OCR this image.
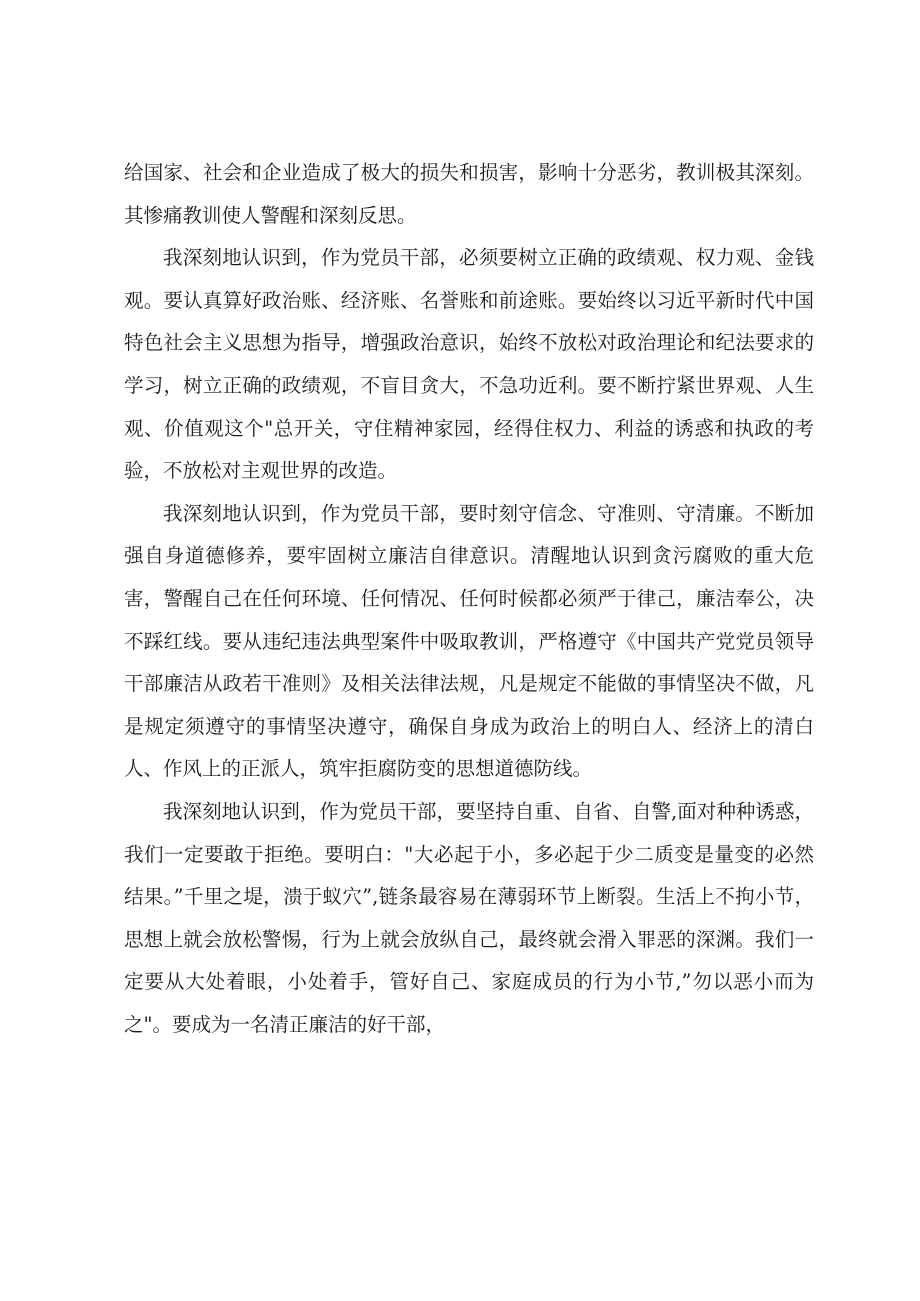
给国家、社会和企业造成了极大的损失和损害，影响十分恶劣，教训极其深刻。其惨痛教训使人警醒和深刻反思。

我深刻地认识到，作为党员干部，必须要树立正确的政绩观、权力观、金钱观。要认真算好政治账、经济账、名誉账和前途账。要始终以习近平新时代中国特色社会主义思想为指导，增强政治意识，始终不放松对政治理论和纪法要求的学习，树立正确的政绩观，不盲目贪大，不急功近利。要不断拧紧世界观、人生观、价值观这个"总开关，守住精神家园，经得住权力、利益的诱惑和执政的考验，不放松对主观世界的改造。

我深刻地认识到，作为党员干部，要时刻守信念、守准则、守清廉。不断加强自身道德修养，要牢固树立廉洁自律意识。清醒地认识到贪污腐败的重大危害，警醒自己在任何环境、任何情况、任何时候都必须严于律己，廉洁奉公，决不踩红线。要从违纪违法典型案件中吸取教训，严格遵守《中国共产党党员领导干部廉洁从政若干准则》及相关法律法规，凡是规定不能做的事情坚决不做，凡是规定须遵守的事情坚决遵守，确保自身成为政治上的明白人、经济上的清白人、作风上的正派人，筑牢拒腐防变的思想道德防线。

我深刻地认识到，作为党员干部，要坚持自重、自省、自警,面对种种诱惑，我们一定要敢于拒绝。要明白："大必起于小，多必起于少二质变是量变的必然结果。”千里之堤，溃于蚁穴”,链条最容易在薄弱环节上断裂。生活上不拘小节，思想上就会放松警惕，行为上就会放纵自己，最终就会滑入罪恶的深渊。我们一定要从大处着眼，小处着手，管好自己、家庭成员的行为小节,”勿以恶小而为之"。要成为一名清正廉洁的好干部，
